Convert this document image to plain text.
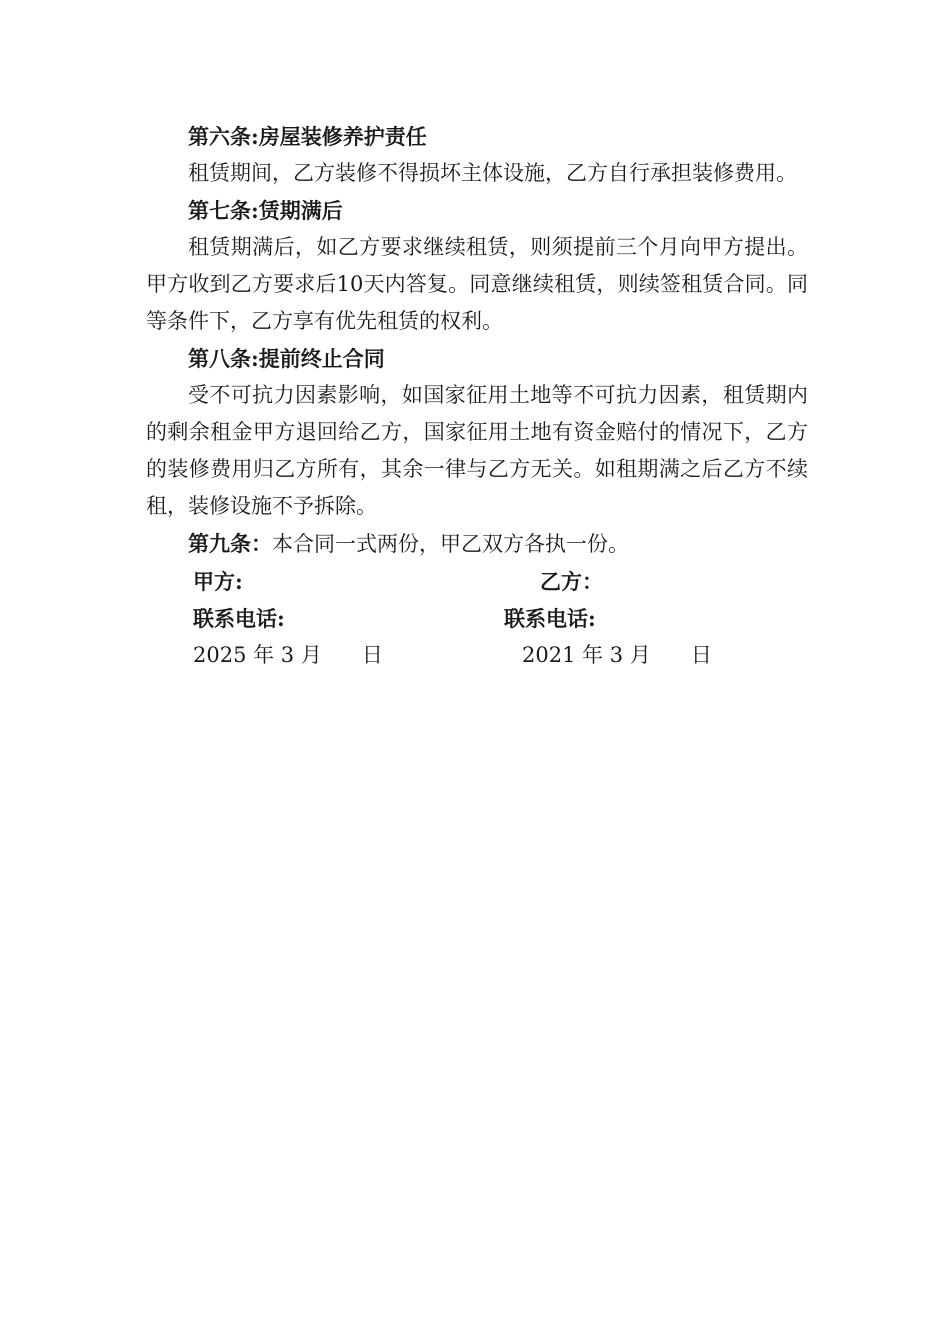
第六条:房屋装修养护责任

租赁期间，乙方装修不得损坏主体设施，乙方自行承担装修费用。

第七条:赁期满后

租赁期满后，如乙方要求继续租赁，则须提前三个月向甲方提出。甲方收到乙方要求后10天内答复。同意继续租赁，则续签租赁合同。同等条件下，乙方享有优先租赁的权利。

第八条:提前终止合同

受不可抗力因素影响，如国家征用土地等不可抗力因素，租赁期内的剩余租金甲方退回给乙方，国家征用土地有资金赔付的情况下，乙方的装修费用归乙方所有，其余一律与乙方无关。如租期满之后乙方不续租，装修设施不予拆除。

第九条：本合同一式两份，甲乙双方各执一份。

甲方:	乙方：
联系电话:	联系电话:
2025 年 3 月      日	2021 年 3 月      日
